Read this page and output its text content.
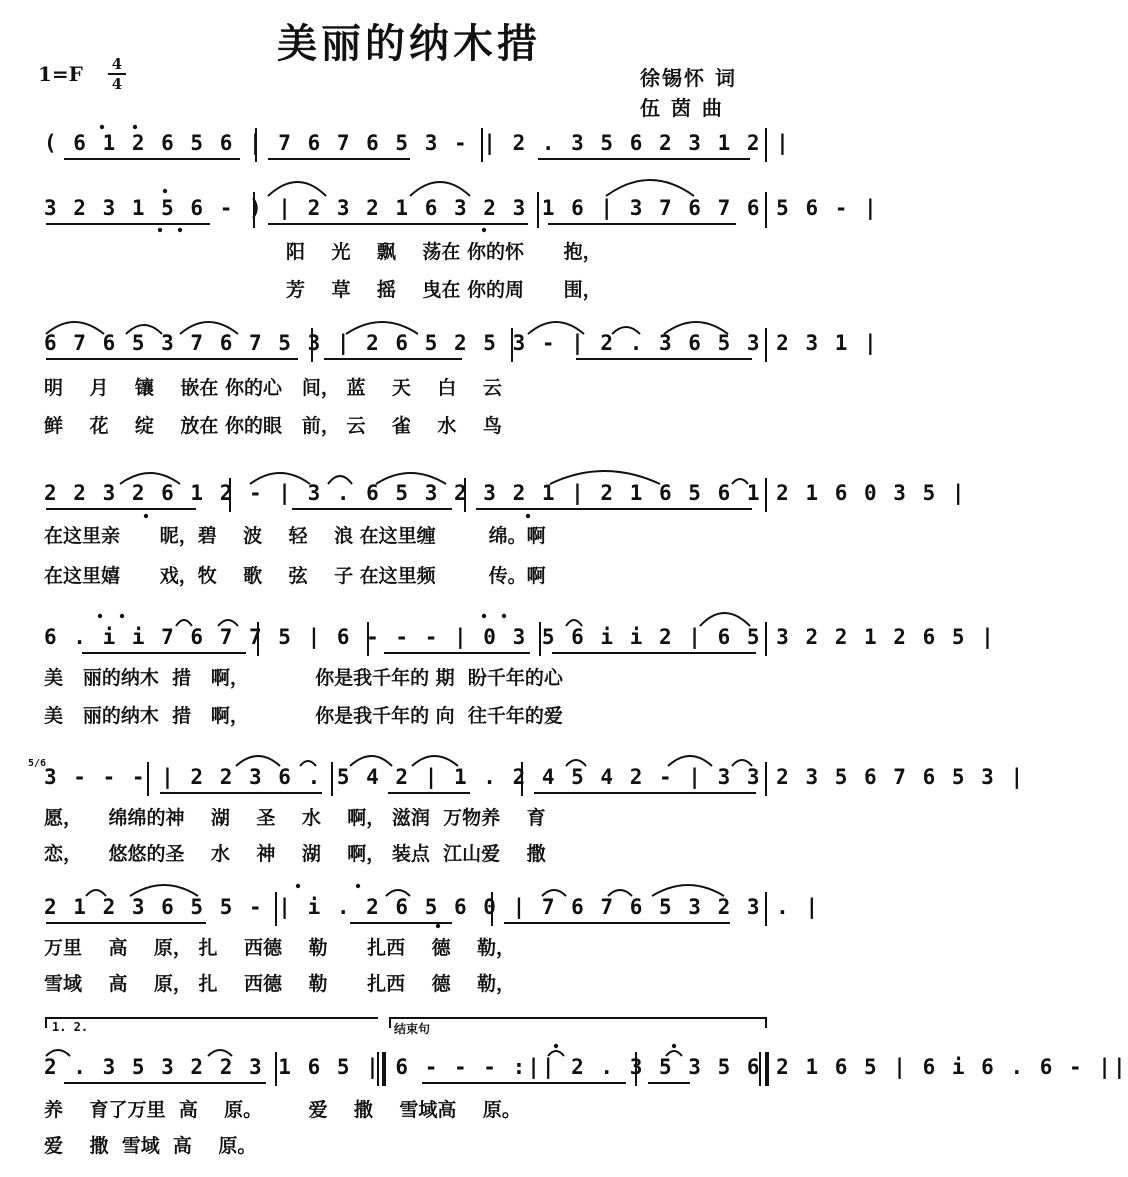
美丽的纳木措
1=F 4
4	徐锡怀 词
伍 茵 曲
1. 2.	结束句
5/6
( 6 1 2 6 5 6 | 7 6 7 6 5 3 - | 2 . 3 5 6 2 3 1 2 |
3 2 3 1 5 6 - ) | 2 3 2 1 6 3 2 3 1 6 | 3 7 6 7 6 5 6 - |
阳    光    飘    荡在 你的怀      抱，
芳    草    摇    曳在 你的周      围，
6 7 6 5 3 7 6 7 5 3 | 2 6 5 2 5 3 - | 2 . 3 6 5 3 2 3 1 |
明    月    镶    嵌在 你的心   间， 蓝    天    白    云
鲜    花    绽    放在 你的眼   前， 云    雀    水    鸟
2 2 3 2 6 1 2 - | 3 . 6 5 3 2 3 2 1 | 2 1 6 5 6 1 2 1 6 0 3 5 |
在这里亲      昵，碧    波    轻    浪 在这里缠        绵。啊
在这里嬉      戏，牧    歌    弦    子 在这里频        传。啊
6 . i i 7 6 7 7 5 | 6 - - - | 0 3 5 6 i i 2 | 6 5 3 2 2 1 2 6 5 |
美   丽的纳木  措   啊，          你是我千年的 期  盼千年的心
美   丽的纳木  措   啊，          你是我千年的 向  往千年的爱
3 - - - | 2 2 3 6 . 5 4 2 | 1 . 2 4 5 4 2 - | 3 3 2 3 5 6 7 6 5 3 |
愿，    绵绵的神    湖    圣    水    啊， 滋润  万物养    育
恋，    悠悠的圣    水    神    湖    啊， 装点  江山爱    撒
2 1 2 3 6 5 5 - | i . 2 6 5 6 0 | 7 6 7 6 5 3 2 3 . |
万里    高    原， 扎    西德    勒      扎西    德    勒，
雪域    高    原， 扎    西德    勒      扎西    德    勒，
2 . 3 5 3 2 2 3 1 6 5 | 6 - - - :|| 2 . 3 5 3 5 6 2 1 6 5 | 6 i 6 . 6 - ||
养    育了万里  高    原。       爱    撒    雪域高    原。
爱    撒  雪域  高    原。
